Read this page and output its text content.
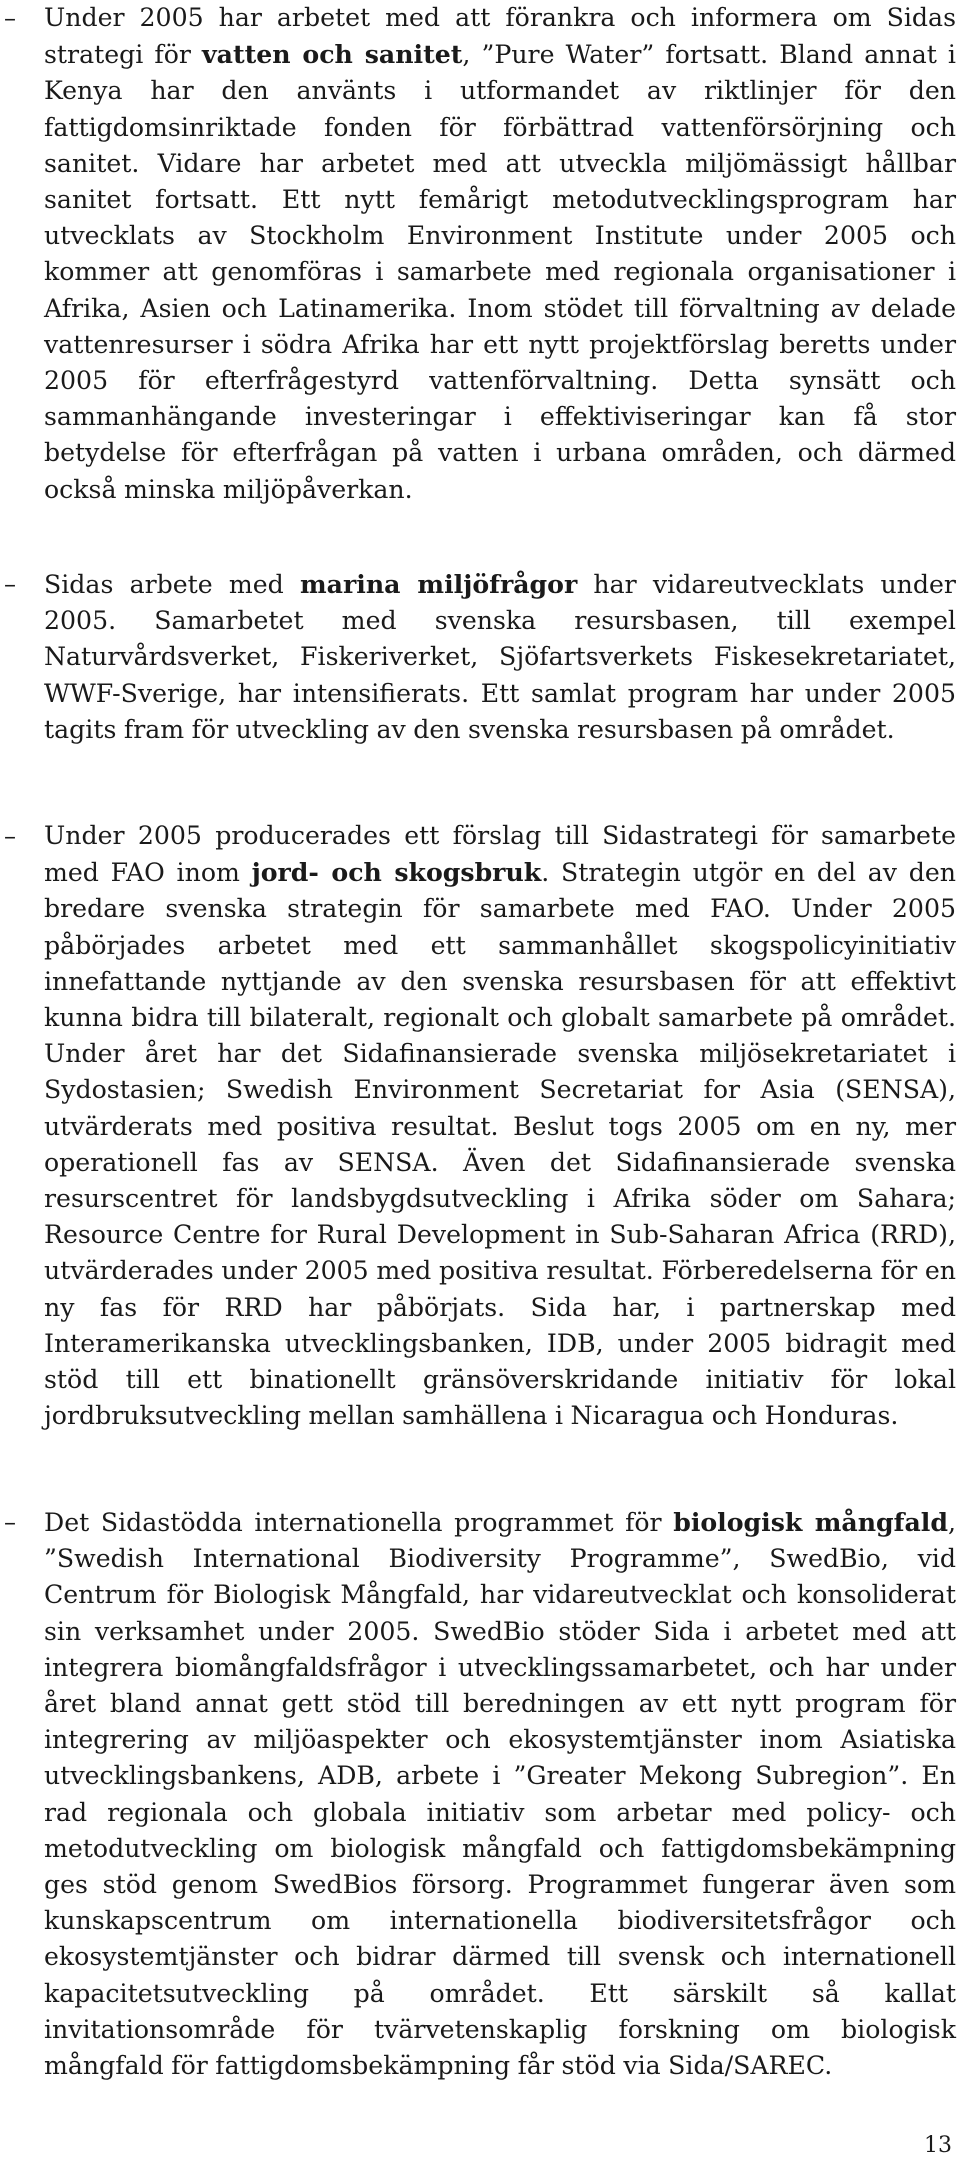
– Under 2005 har arbetet med att förankra och informera om Sidas strategi för vatten och sanitet, ”Pure Water” fortsatt. Bland annat i Kenya har den använts i utformandet av riktlinjer för den fattigdomsinriktade fonden för förbättrad vattenförsörjning och sanitet. Vidare har arbetet med att utveckla miljömässigt hållbar sanitet fortsatt. Ett nytt femårigt metodutvecklingsprogram har utvecklats av Stockholm Environment Institute under 2005 och kommer att genomföras i samarbete med regionala organisationer i Afrika, Asien och Latinamerika. Inom stödet till förvaltning av delade vattenresurser i södra Afrika har ett nytt projektförslag beretts under 2005 för efterfrågestyrd vattenförvaltning. Detta synsätt och sammanhängande investeringar i effektiviseringar kan få stor betydelse för efterfrågan på vatten i urbana områden, och därmed också minska miljöpåverkan.
– Sidas arbete med marina miljöfrågor har vidareutvecklats under 2005. Samarbetet med svenska resursbasen, till exempel Naturvårdsverket, Fiskeriverket, Sjöfartsverkets Fiskesekretariatet, WWF-Sverige, har intensifierats. Ett samlat program har under 2005 tagits fram för utveckling av den svenska resursbasen på området.
– Under 2005 producerades ett förslag till Sidastrategi för samarbete med FAO inom jord- och skogsbruk. Strategin utgör en del av den bredare svenska strategin för samarbete med FAO. Under 2005 påbörjades arbetet med ett sammanhållet skogspolicyinitiativ innefattande nyttjande av den svenska resursbasen för att effektivt kunna bidra till bilateralt, regionalt och globalt samarbete på området. Under året har det Sidafinansierade svenska miljösekretariatet i Sydostasien; Swedish Environment Secretariat for Asia (SENSA), utvärderats med positiva resultat. Beslut togs 2005 om en ny, mer operationell fas av SENSA. Även det Sidafinansierade svenska resurscentret för landsbygdsutveckling i Afrika söder om Sahara; Resource Centre for Rural Development in Sub-Saharan Africa (RRD), utvärderades under 2005 med positiva resultat. Förberedelserna för en ny fas för RRD har påbörjats. Sida har, i partnerskap med Interamerikanska utvecklingsbanken, IDB, under 2005 bidragit med stöd till ett binationellt gränsöverskridande initiativ för lokal jordbruksutveckling mellan samhällena i Nicaragua och Honduras.
– Det Sidastödda internationella programmet för biologisk mångfald, ”Swedish International Biodiversity Programme”, SwedBio, vid Centrum för Biologisk Mångfald, har vidareutvecklat och konsoliderat sin verksamhet under 2005. SwedBio stöder Sida i arbetet med att integrera biomångfaldsfrågor i utvecklingssamarbetet, och har under året bland annat gett stöd till beredningen av ett nytt program för integrering av miljöaspekter och ekosystemtjänster inom Asiatiska utvecklingsbankens, ADB, arbete i ”Greater Mekong Subregion”. En rad regionala och globala initiativ som arbetar med policy- och metodutveckling om biologisk mångfald och fattigdomsbekämpning ges stöd genom SwedBios försorg. Programmet fungerar även som kunskapscentrum om internationella biodiversitetsfrågor och ekosystemtjänster och bidrar därmed till svensk och internationell kapacitetsutveckling på området. Ett särskilt så kallat invitationsområde för tvärvetenskaplig forskning om biologisk mångfald för fattigdomsbekämpning får stöd via Sida/SAREC.
13
